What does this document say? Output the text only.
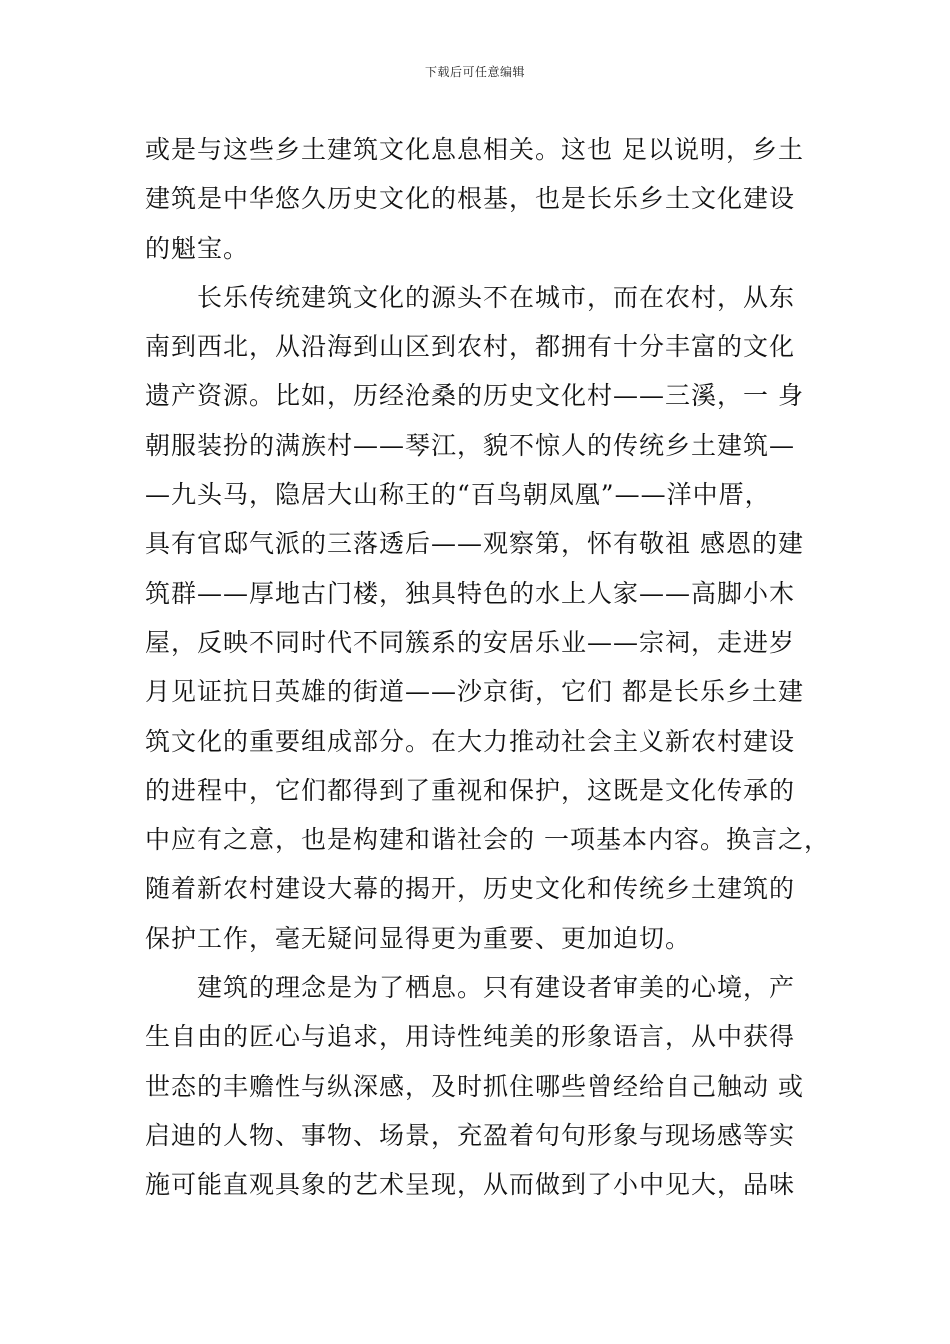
下载后可任意编辑
或是与这些乡土建筑文化息息相关。这也 足以说明，乡土
建筑是中华悠久历史文化的根基，也是长乐乡土文化建设
的魁宝。
　　长乐传统建筑文化的源头不在城市，而在农村，从东
南到西北，从沿海到山区到农村，都拥有十分丰富的文化
遗产资源。比如，历经沧桑的历史文化村——三溪，一 身
朝服装扮的满族村——琴江，貌不惊人的传统乡土建筑—
—九头马，隐居大山称王的“百鸟朝凤凰”——洋中厝，
具有官邸气派的三落透后——观察第，怀有敬祖 感恩的建
筑群——厚地古门楼，独具特色的水上人家——高脚小木
屋，反映不同时代不同簇系的安居乐业——宗祠，走进岁
月见证抗日英雄的街道——沙京街，它们 都是长乐乡土建
筑文化的重要组成部分。在大力推动社会主义新农村建设
的进程中，它们都得到了重视和保护，这既是文化传承的
中应有之意，也是构建和谐社会的 一项基本内容。换言之，
随着新农村建设大幕的揭开，历史文化和传统乡土建筑的
保护工作，毫无疑问显得更为重要、更加迫切。
　　建筑的理念是为了栖息。只有建设者审美的心境，产
生自由的匠心与追求，用诗性纯美的形象语言，从中获得
世态的丰赡性与纵深感，及时抓住哪些曾经给自己触动 或
启迪的人物、事物、场景，充盈着句句形象与现场感等实
施可能直观具象的艺术呈现，从而做到了小中见大，品味
